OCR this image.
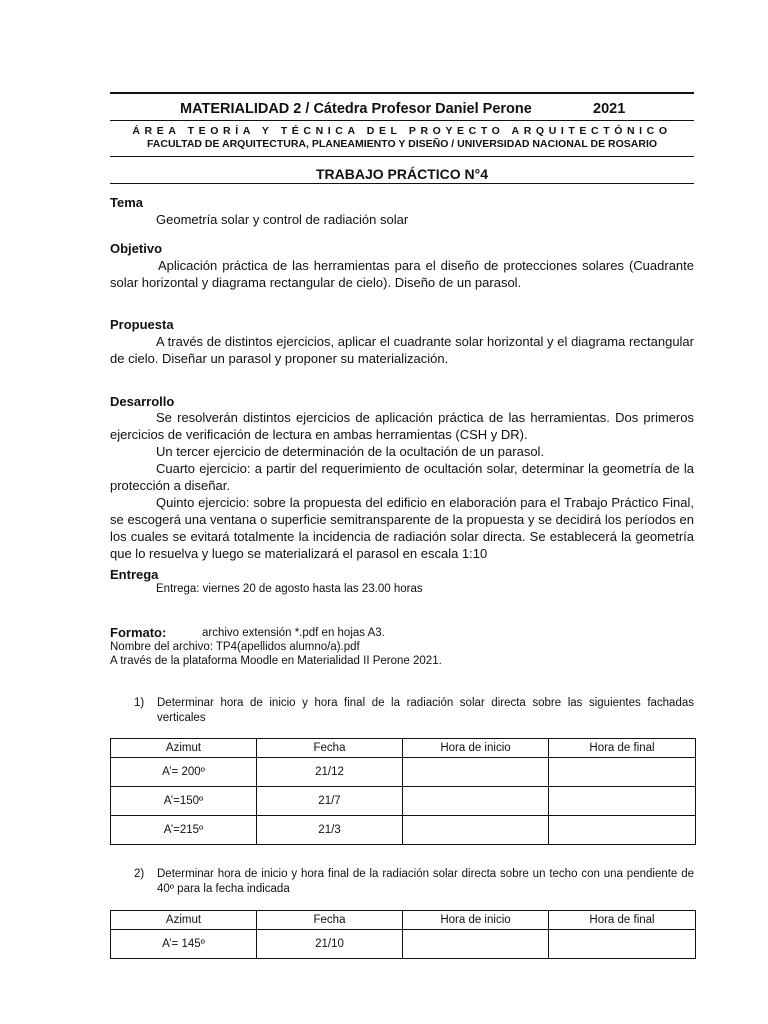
MATERIALIDAD 2 / Cátedra Profesor Daniel Perone	2021
ÁREA TEORÍA Y TÉCNICA DEL PROYECTO ARQUITECTÓNICO
FACULTAD DE ARQUITECTURA, PLANEAMIENTO Y DISEÑO / UNIVERSIDAD NACIONAL DE ROSARIO
TRABAJO PRÁCTICO N°4
Tema
Geometría solar y control de radiación solar
Objetivo
Aplicación práctica de las herramientas para el diseño de protecciones solares (Cuadrante solar horizontal y diagrama rectangular de cielo). Diseño de un parasol.
Propuesta
A través de distintos ejercicios, aplicar el cuadrante solar horizontal y el diagrama rectangular de cielo. Diseñar un parasol y proponer su materialización.
Desarrollo
Se resolverán distintos ejercicios de aplicación práctica de las herramientas. Dos primeros ejercicios de verificación de lectura en ambas herramientas (CSH y DR).
Un tercer ejercicio de determinación de la ocultación de un parasol.
Cuarto ejercicio: a partir del requerimiento de ocultación solar, determinar la geometría de la protección a diseñar.
Quinto ejercicio: sobre la propuesta del edificio en elaboración para el Trabajo Práctico Final, se escogerá una ventana o superficie semitransparente de la propuesta y se decidirá los períodos en los cuales se evitará totalmente la incidencia de radiación solar directa. Se establecerá la geometría que lo resuelva y luego se materializará el parasol en escala 1:10
Entrega
Entrega: viernes 20 de agosto hasta las 23.00 horas
Formato:	archivo extensión *.pdf en hojas A3.
Nombre del archivo: TP4(apellidos alumno/a).pdf
A través de la plataforma Moodle en Materialidad II Perone 2021.
1) Determinar hora de inicio y hora final de la radiación solar directa sobre las siguientes fachadas verticales
Azimut	Fecha	Hora de inicio	Hora de final
A’= 200º	21/12		
A’=150º	21/7		
A’=215º	21/3		
2) Determinar hora de inicio y hora final de la radiación solar directa sobre un techo con una pendiente de 40º para la fecha indicada
Azimut	Fecha	Hora de inicio	Hora de final
A’= 145º	21/10		
